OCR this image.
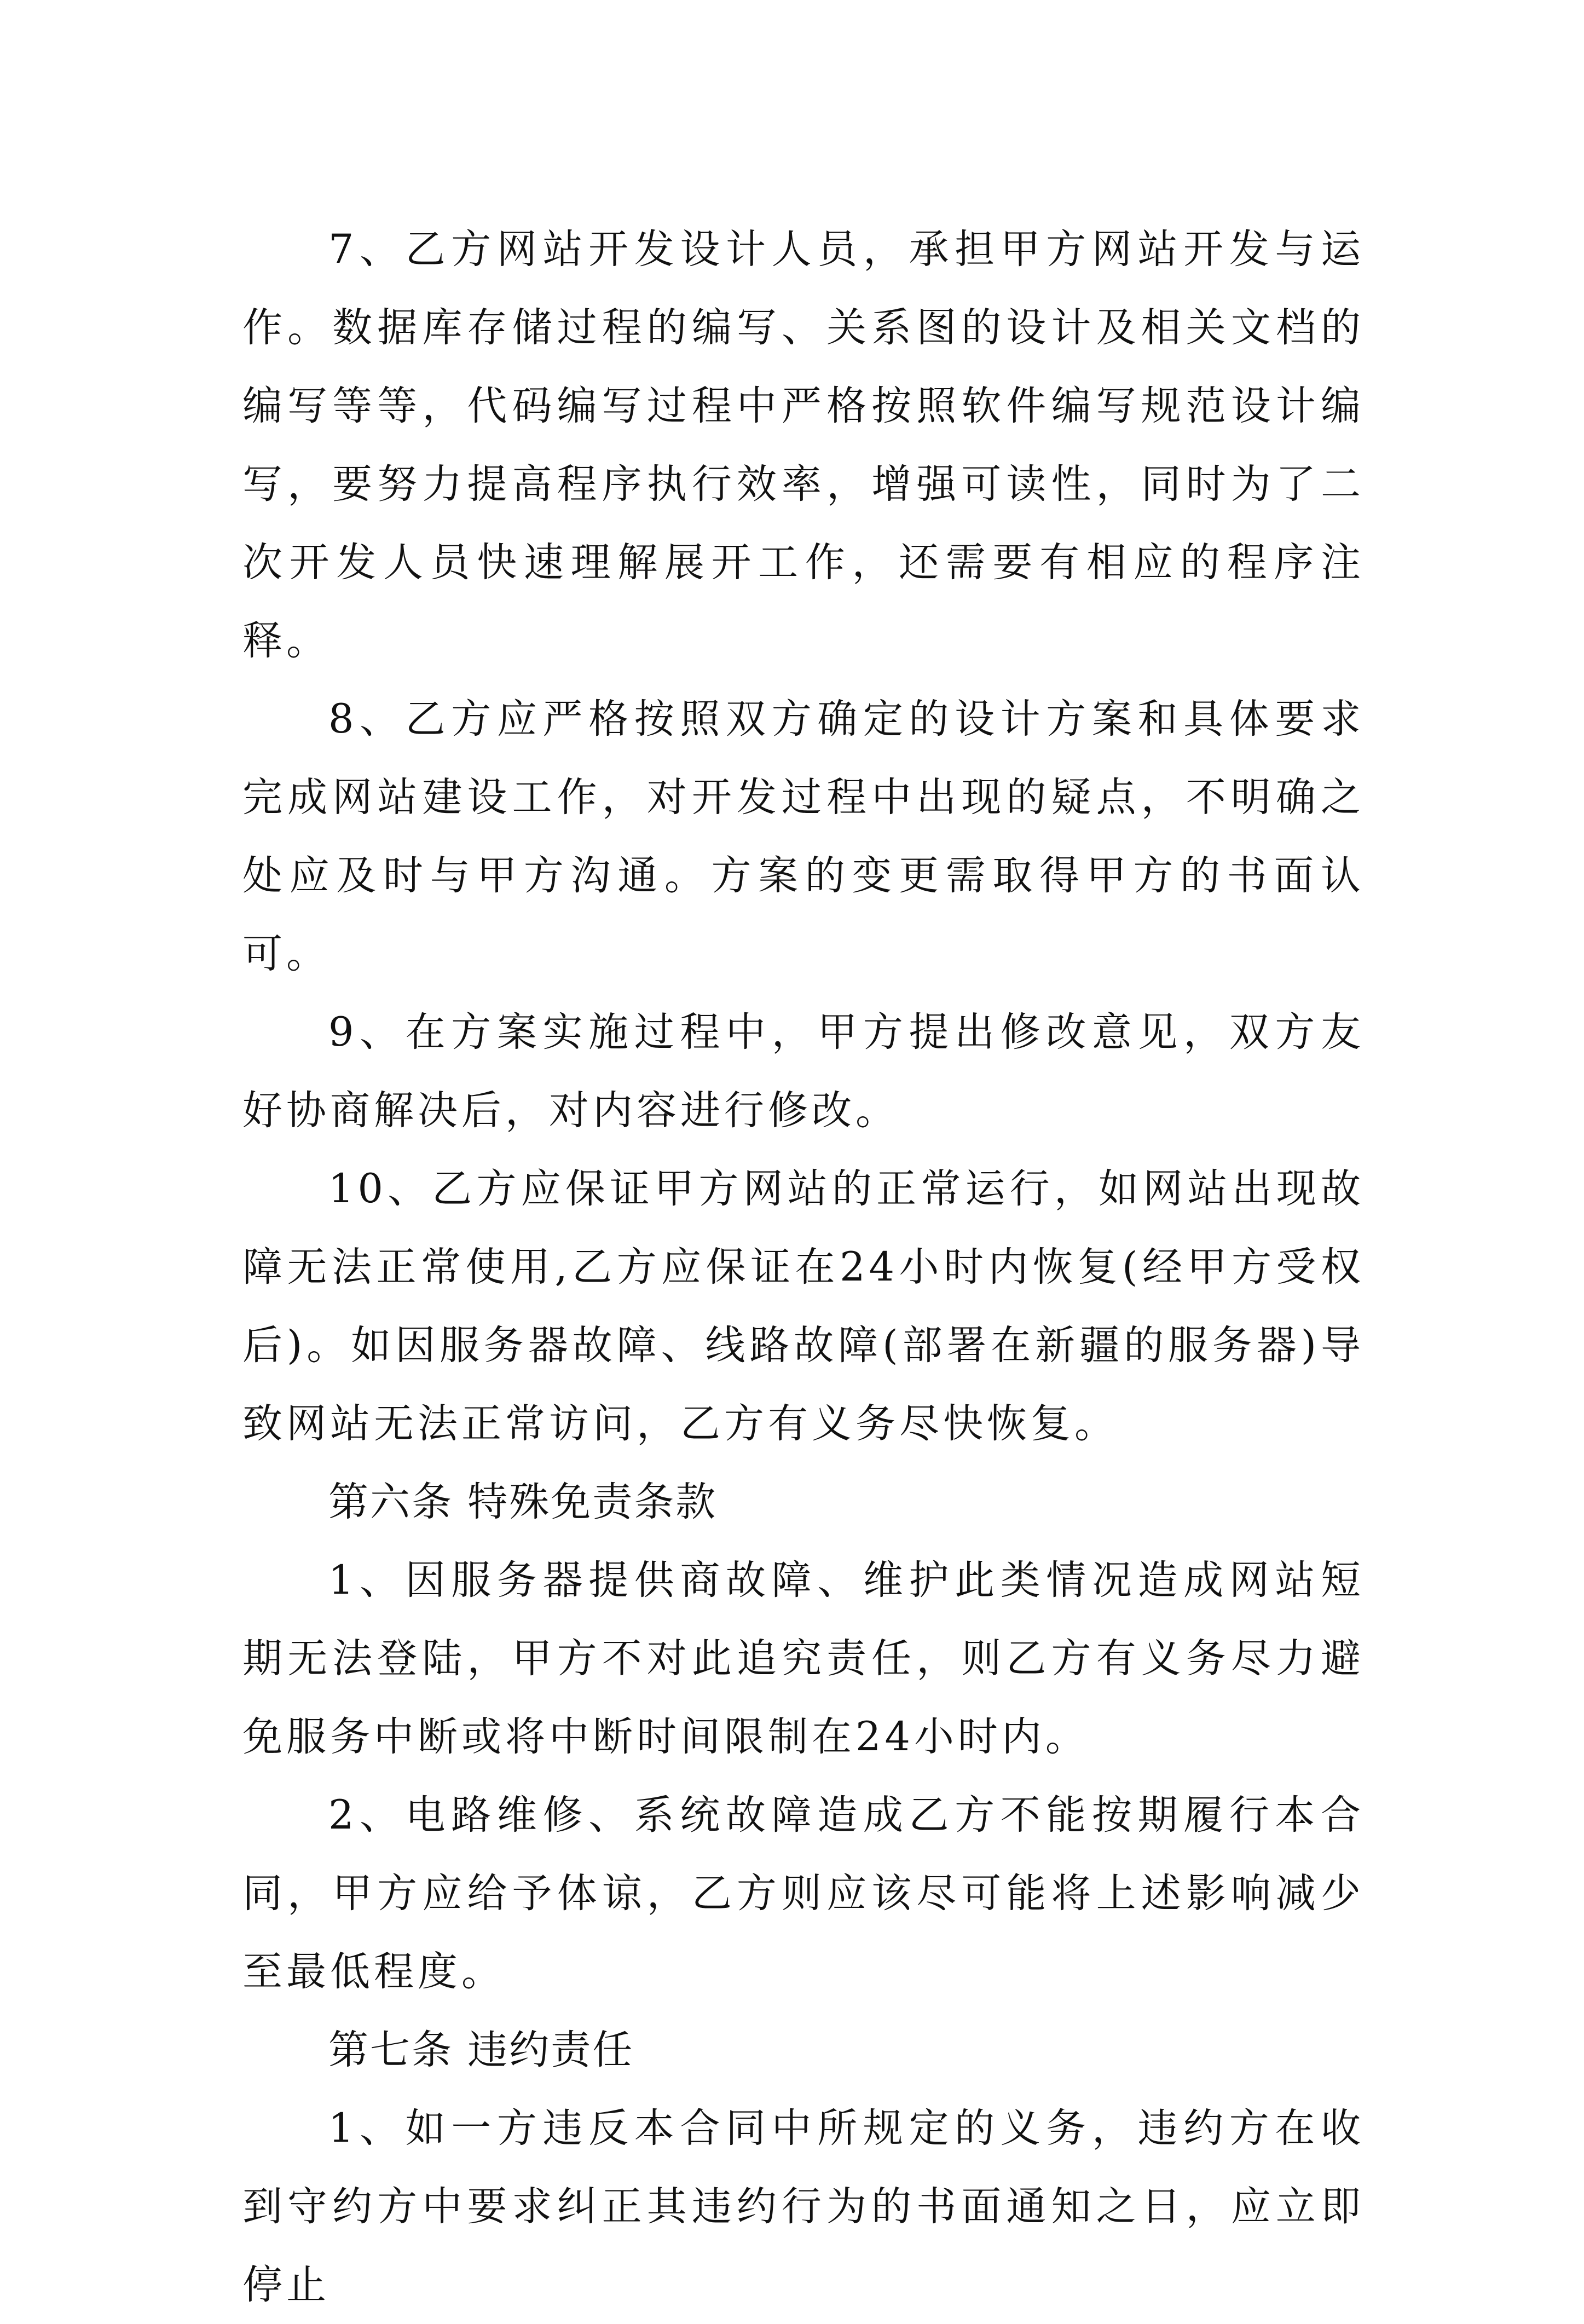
7、乙方网站开发设计人员，承担甲方网站开发与运作。数据库存储过程的编写、关系图的设计及相关文档的编写等等，代码编写过程中严格按照软件编写规范设计编写，要努力提高程序执行效率，增强可读性，同时为了二次开发人员快速理解展开工作，还需要有相应的程序注释。

8、乙方应严格按照双方确定的设计方案和具体要求完成网站建设工作，对开发过程中出现的疑点，不明确之处应及时与甲方沟通。方案的变更需取得甲方的书面认可。

9、在方案实施过程中，甲方提出修改意见，双方友好协商解决后，对内容进行修改。

10、乙方应保证甲方网站的正常运行，如网站出现故障无法正常使用,乙方应保证在24小时内恢复(经甲方受权后)。如因服务器故障、线路故障(部署在新疆的服务器)导致网站无法正常访问，乙方有义务尽快恢复。

第六条 特殊免责条款

1、因服务器提供商故障、维护此类情况造成网站短期无法登陆，甲方不对此追究责任，则乙方有义务尽力避免服务中断或将中断时间限制在24小时内。

2、电路维修、系统故障造成乙方不能按期履行本合同，甲方应给予体谅，乙方则应该尽可能将上述影响减少至最低程度。

第七条 违约责任

1、如一方违反本合同中所规定的义务，违约方在收到守约方中要求纠正其违约行为的书面通知之日，应立即停止
